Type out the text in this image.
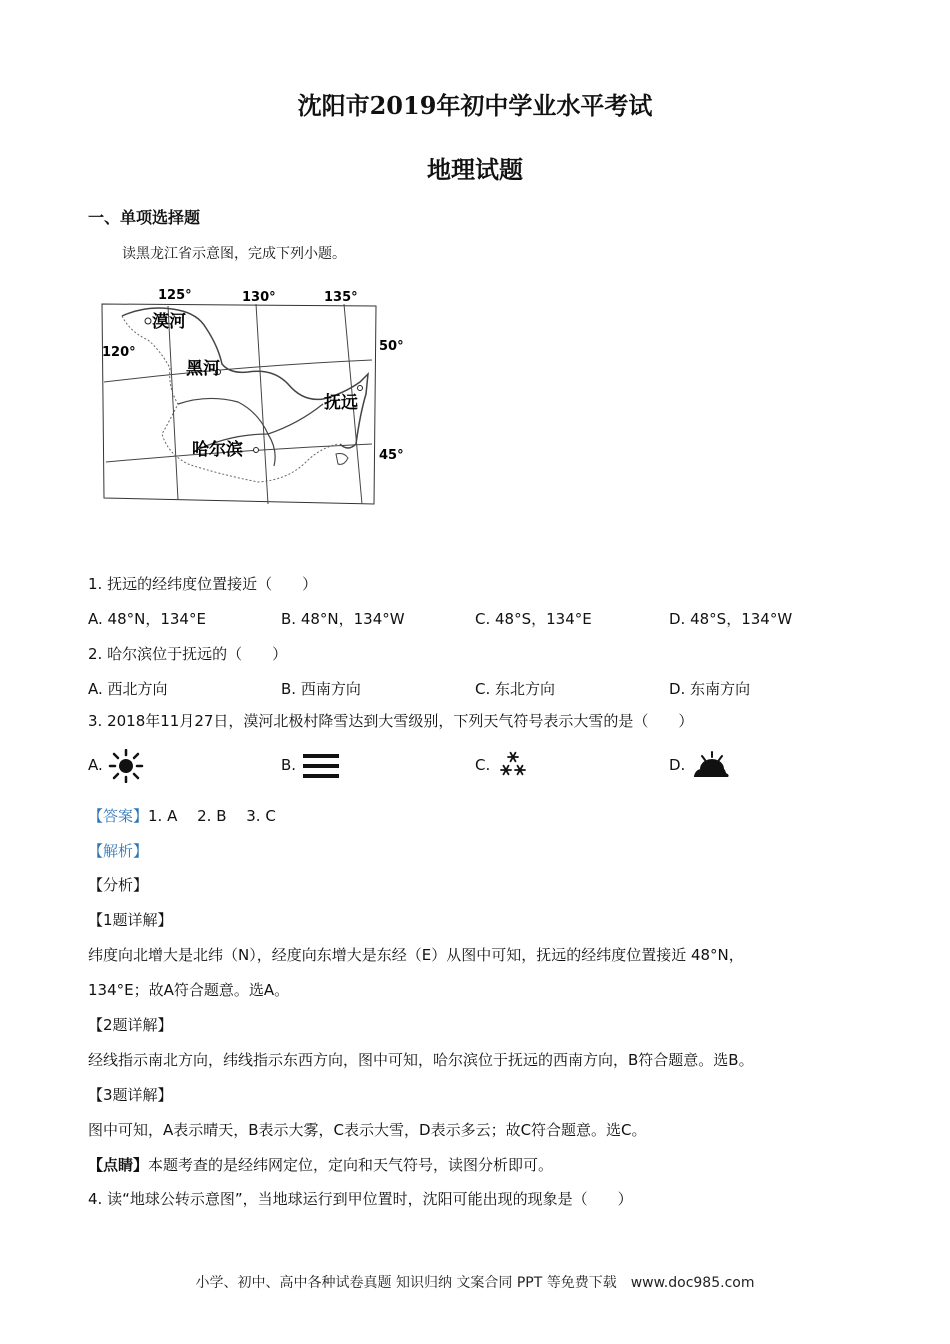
沈阳市2019年初中学业水平考试
地理试题
一、单项选择题
读黑龙江省示意图，完成下列小题。
125°	130°	135°
120°	50°
45°
漠河
黑河
抚远
哈尔滨
1. 抚远的经纬度位置接近（　　）
A. 48°N，134°E	B. 48°N，134°W	C. 48°S，134°E	D. 48°S，134°W
2. 哈尔滨位于抚远的（　　）
A. 西北方向	B. 西南方向	C. 东北方向	D. 东南方向
3. 2018年11月27日，漠河北极村降雪达到大雪级别，下列天气符号表示大雪的是（　　）
A.	B.	C.	D.
【答案】1. A　 2. B　 3. C
【解析】
【分析】
【1题详解】
纬度向北增大是北纬（N），经度向东增大是东经（E）从图中可知，抚远的经纬度位置接近 48°N，
134°E；故A符合题意。选A。
【2题详解】
经线指示南北方向，纬线指示东西方向，图中可知，哈尔滨位于抚远的西南方向，B符合题意。选B。
【3题详解】
图中可知，A表示晴天，B表示大雾，C表示大雪，D表示多云；故C符合题意。选C。
【点睛】本题考查的是经纬网定位，定向和天气符号，读图分析即可。
4. 读“地球公转示意图”，当地球运行到甲位置时，沈阳可能出现的现象是（　　）
小学、初中、高中各种试卷真题 知识归纳 文案合同 PPT 等免费下载　www.doc985.com
